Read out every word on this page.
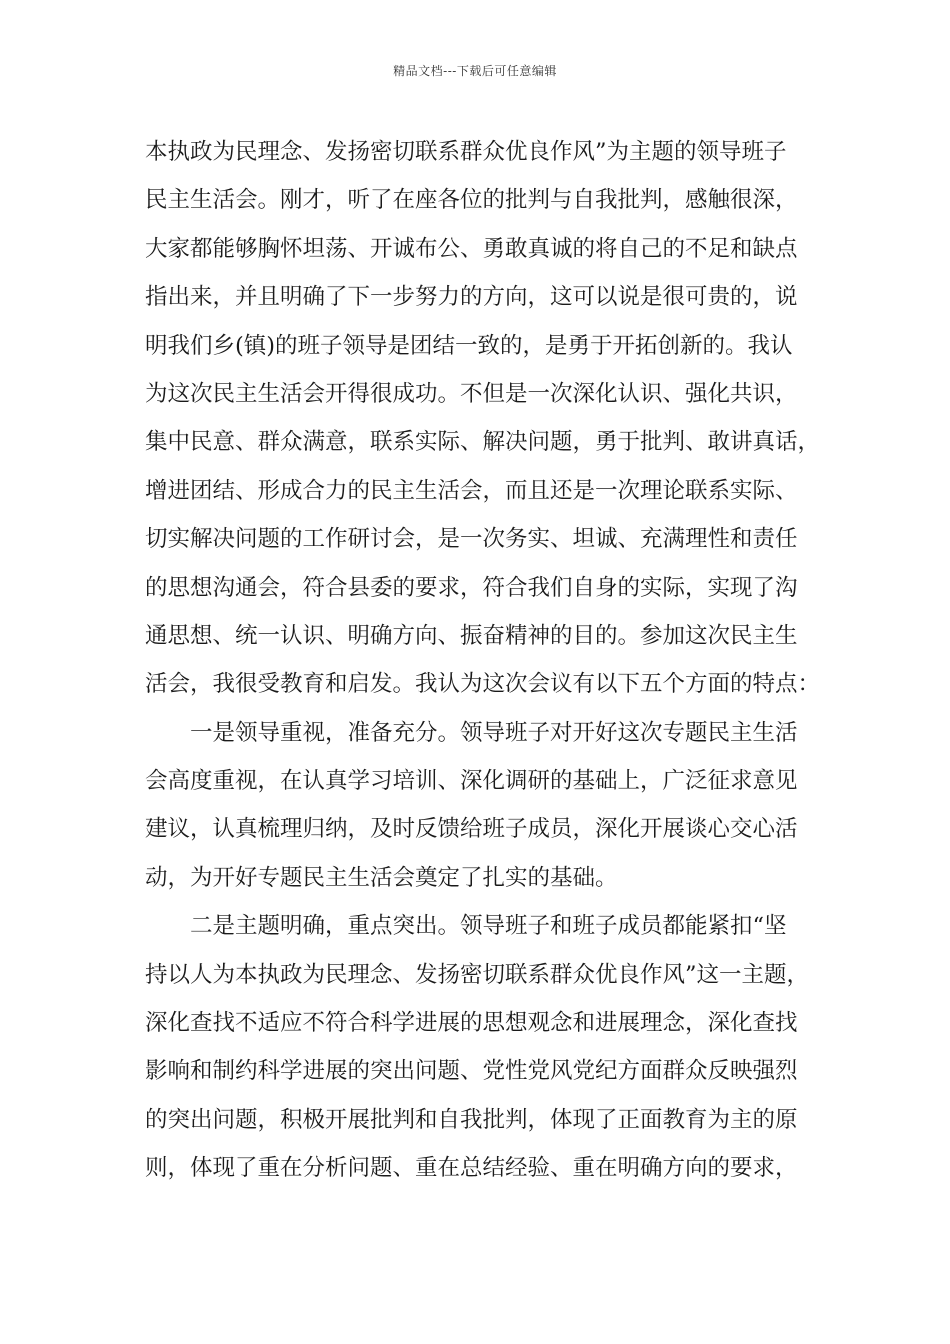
精品文档---下载后可任意编辑
本执政为民理念、发扬密切联系群众优良作风”为主题的领导班子
民主生活会。刚才，听了在座各位的批判与自我批判，感触很深，
大家都能够胸怀坦荡、开诚布公、勇敢真诚的将自己的不足和缺点
指出来，并且明确了下一步努力的方向，这可以说是很可贵的，说
明我们乡(镇)的班子领导是团结一致的，是勇于开拓创新的。我认
为这次民主生活会开得很成功。不但是一次深化认识、强化共识，
集中民意、群众满意，联系实际、解决问题，勇于批判、敢讲真话，
增进团结、形成合力的民主生活会，而且还是一次理论联系实际、
切实解决问题的工作研讨会，是一次务实、坦诚、充满理性和责任
的思想沟通会，符合县委的要求，符合我们自身的实际，实现了沟
通思想、统一认识、明确方向、振奋精神的目的。参加这次民主生
活会，我很受教育和启发。我认为这次会议有以下五个方面的特点：
一是领导重视，准备充分。领导班子对开好这次专题民主生活
会高度重视，在认真学习培训、深化调研的基础上，广泛征求意见
建议，认真梳理归纳，及时反馈给班子成员，深化开展谈心交心活
动，为开好专题民主生活会奠定了扎实的基础。
二是主题明确，重点突出。领导班子和班子成员都能紧扣“坚
持以人为本执政为民理念、发扬密切联系群众优良作风”这一主题，
深化查找不适应不符合科学进展的思想观念和进展理念，深化查找
影响和制约科学进展的突出问题、党性党风党纪方面群众反映强烈
的突出问题，积极开展批判和自我批判，体现了正面教育为主的原
则，体现了重在分析问题、重在总结经验、重在明确方向的要求，
